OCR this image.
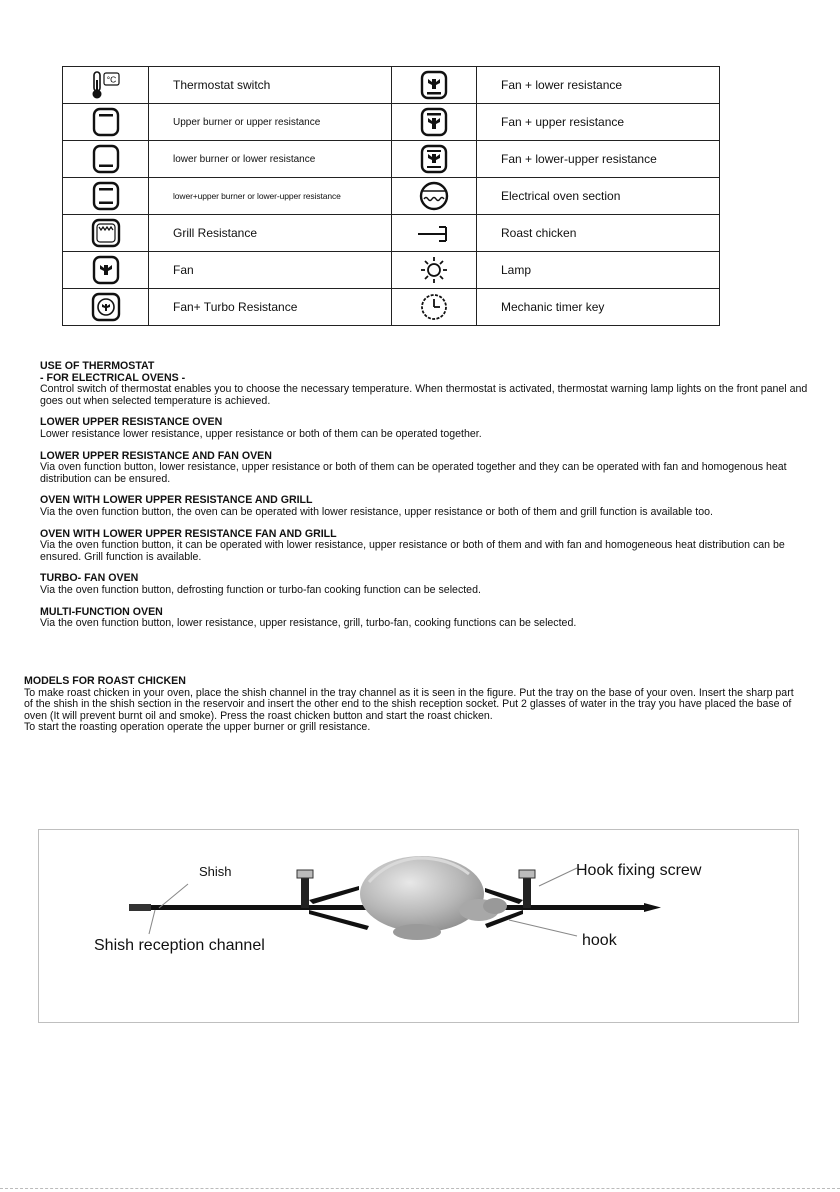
°C	Thermostat switch		Fan + lower resistance

	Upper burner or upper resistance		Fan + upper resistance

	lower burner or lower resistance		Fan + lower-upper resistance

	lower+upper burner or lower-upper resistance		Electrical oven section

	Grill Resistance		Roast chicken

	Fan		Lamp

	Fan+ Turbo Resistance		Mechanic timer key
USE OF THERMOSTAT
- FOR ELECTRICAL OVENS -

Control switch of thermostat enables you to choose the necessary temperature. When thermostat is activated, thermostat warning lamp lights on the front panel and goes out when selected temperature is achieved.

LOWER UPPER RESISTANCE OVEN

Lower resistance lower resistance, upper resistance or both of them can be operated together.

LOWER UPPER RESISTANCE AND FAN OVEN

Via oven function button, lower resistance, upper resistance or both of them can be operated together and they can be operated with fan and homogenous heat distribution can be ensured.

OVEN WITH LOWER UPPER RESISTANCE AND GRILL

Via the oven function button, the oven can be operated with lower resistance, upper resistance or both of them and grill function is available too.

OVEN WITH LOWER UPPER RESISTANCE FAN AND GRILL

Via the oven function button, it can be operated with lower resistance, upper resistance or both of them and with fan and homogeneous heat distribution can be ensured. Grill function is available.

TURBO- FAN OVEN

Via the oven function button, defrosting function or turbo-fan cooking function can be selected.

MULTI-FUNCTION OVEN

Via the oven function button, lower resistance, upper resistance, grill, turbo-fan, cooking functions can be selected.

MODELS FOR ROAST CHICKEN

To make roast chicken in your oven, place the shish channel in the tray channel as it is seen in the figure. Put the tray on the base of your oven. Insert the sharp part of the shish in the shish section in the reservoir and insert the other end to the shish reception socket. Put 2 glasses of water in the tray you have placed the base of oven (It will prevent burnt oil and smoke). Press the roast chicken button and start the roast chicken.

To start the roasting operation operate the upper burner or grill resistance.

Shish	Hook fixing screw
Shish reception channel	hook
